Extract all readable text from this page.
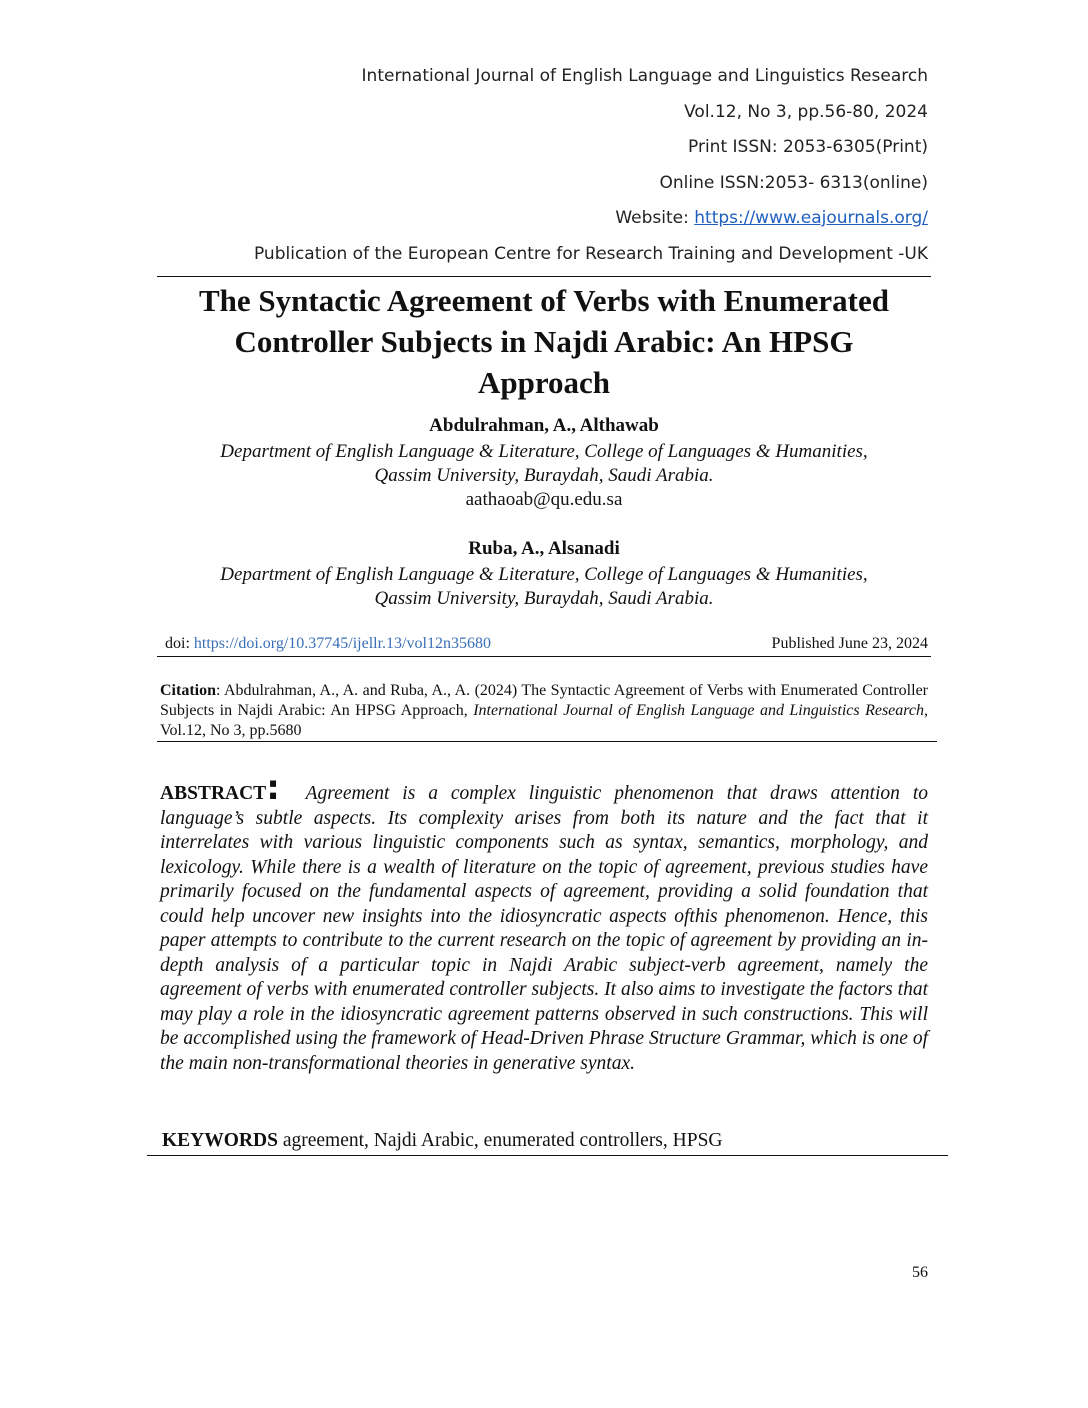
International Journal of English Language and Linguistics Research
Vol.12, No 3, pp.56-80, 2024
Print ISSN: 2053-6305(Print)
Online ISSN:2053- 6313(online)
Website: https://www.eajournals.org/
Publication of the European Centre for Research Training and Development -UK
The Syntactic Agreement of Verbs with Enumerated
Controller Subjects in Najdi Arabic: An HPSG
Approach
Abdulrahman, A., Althawab
Department of English Language & Literature, College of Languages & Humanities,
Qassim University, Buraydah, Saudi Arabia.
aathaoab@qu.edu.sa
Ruba, A., Alsanadi
Department of English Language & Literature, College of Languages & Humanities,
Qassim University, Buraydah, Saudi Arabia.
doi: https://doi.org/10.37745/ijellr.13/vol12n35680	Published June 23, 2024

Citation: Abdulrahman, A., A. and Ruba, A., A. (2024) The Syntactic Agreement of Verbs with Enumerated Controller Subjects in Najdi Arabic: An HPSG Approach, International Journal of English Language and Linguistics Research, Vol.12, No 3, pp.5680

ABSTRACT: Agreement is a complex linguistic phenomenon that draws attention to language’s subtle aspects. Its complexity arises from both its nature and the fact that it interrelates with various linguistic components such as syntax, semantics, morphology, and lexicology. While there is a wealth of literature on the topic of agreement, previous studies have primarily focused on the fundamental aspects of agreement, providing a solid foundation that could help uncover new insights into the idiosyncratic aspects ofthis phenomenon. Hence, this paper attempts to contribute to the current research on the topic of agreement by providing an in-depth analysis of a particular topic in Najdi Arabic subject-verb agreement, namely the agreement of verbs with enumerated controller subjects. It also aims to investigate the factors that may play a role in the idiosyncratic agreement patterns observed in such constructions. This will be accomplished using the framework of Head-Driven Phrase Structure Grammar, which is one of the main non-transformational theories in generative syntax.

KEYWORDS agreement, Najdi Arabic, enumerated controllers, HPSG
56
